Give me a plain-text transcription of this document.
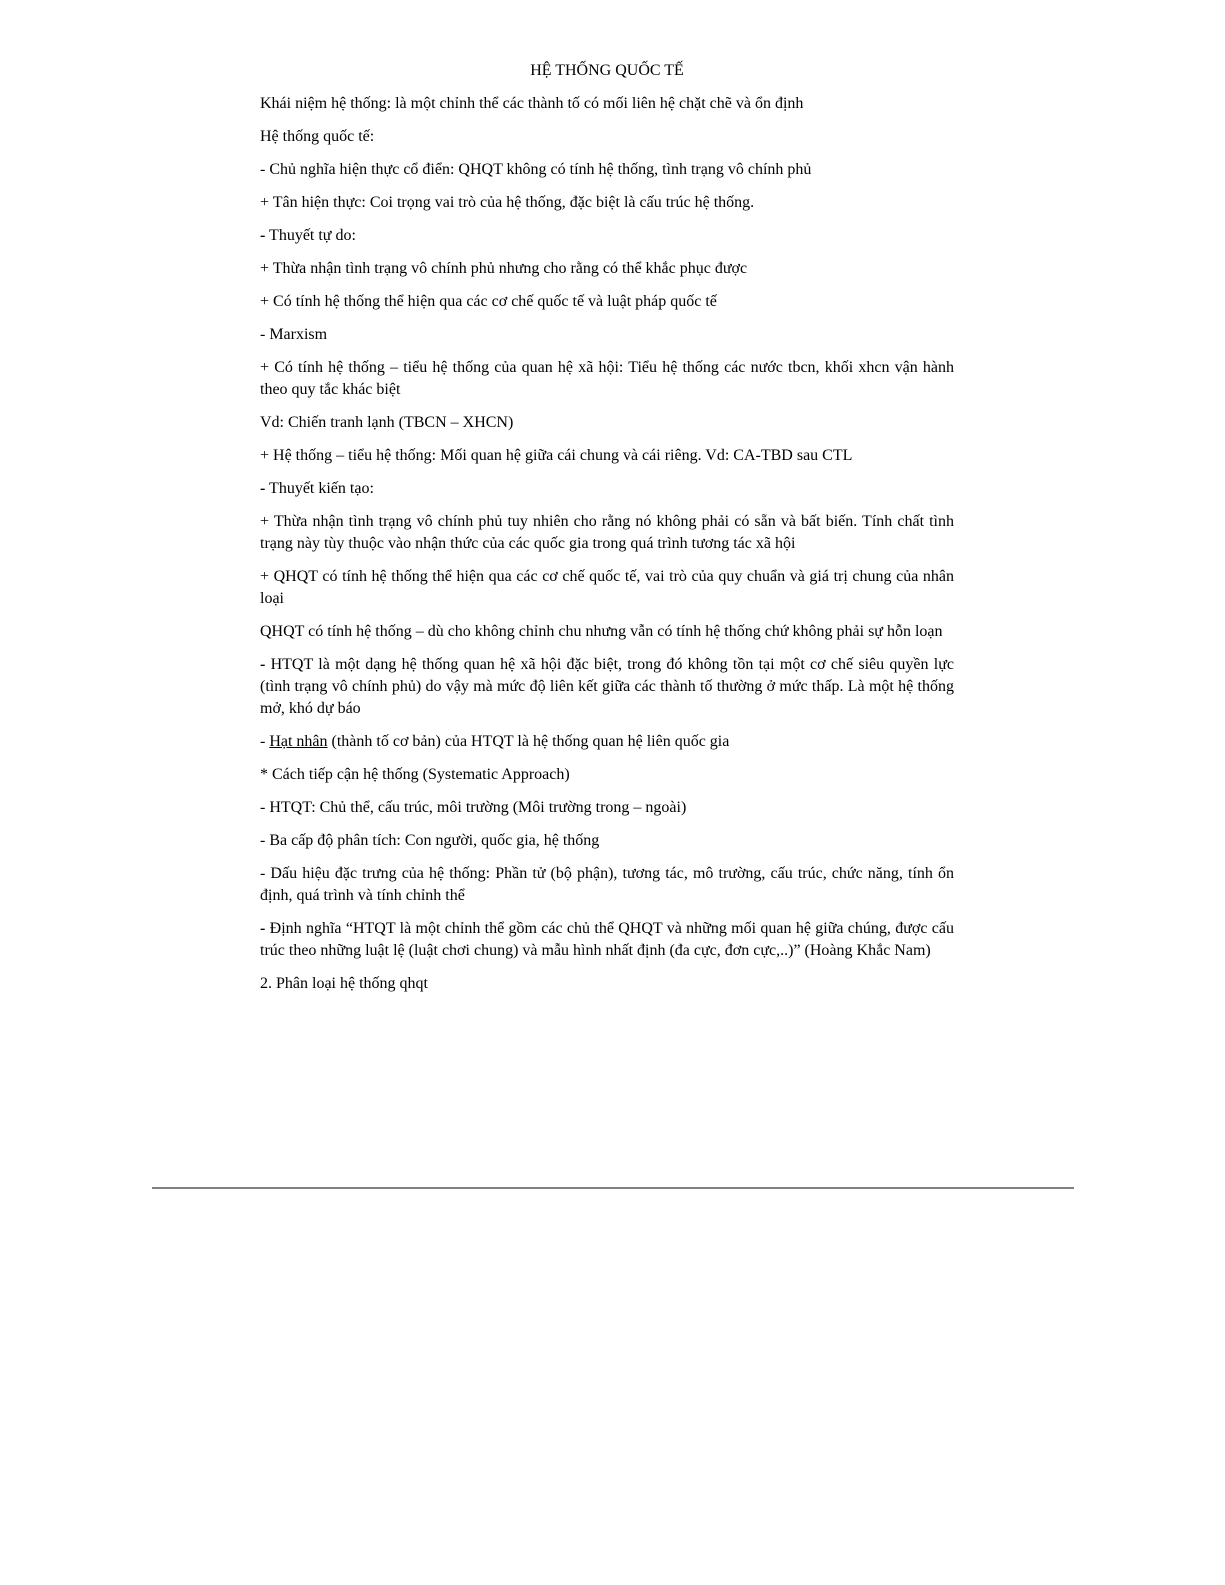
HỆ THỐNG QUỐC TẾ

Khái niệm hệ thống: là một chỉnh thể các thành tố có mối liên hệ chặt chẽ và ổn định

Hệ thống quốc tế:

- Chủ nghĩa hiện thực cổ điển: QHQT không có tính hệ thống, tình trạng vô chính phủ

+ Tân hiện thực: Coi trọng vai trò của hệ thống, đặc biệt là cấu trúc hệ thống.

- Thuyết tự do:

+ Thừa nhận tình trạng vô chính phủ nhưng cho rằng có thể khắc phục được

+ Có tính hệ thống thể hiện qua các cơ chế quốc tế và luật pháp quốc tế

- Marxism

+ Có tính hệ thống – tiểu hệ thống của quan hệ xã hội: Tiểu hệ thống các nước tbcn, khối xhcn vận hành theo quy tắc khác biệt

Vd: Chiến tranh lạnh (TBCN – XHCN)

+ Hệ thống – tiểu hệ thống: Mối quan hệ giữa cái chung và cái riêng. Vd: CA-TBD sau CTL

- Thuyết kiến tạo:

+ Thừa nhận tình trạng vô chính phủ tuy nhiên cho rằng nó không phải có sẵn và bất biến. Tính chất tình trạng này tùy thuộc vào nhận thức của các quốc gia trong quá trình tương tác xã hội

+ QHQT có tính hệ thống thể hiện qua các cơ chế quốc tế, vai trò của quy chuẩn và giá trị chung của nhân loại

QHQT có tính hệ thống – dù cho không chỉnh chu nhưng vẫn có tính hệ thống chứ không phải sự hỗn loạn

- HTQT là một dạng hệ thống quan hệ xã hội đặc biệt, trong đó không tồn tại một cơ chế siêu quyền lực (tình trạng vô chính phủ) do vậy mà mức độ liên kết giữa các thành tố thường ở mức thấp. Là một hệ thống mở, khó dự báo

- Hạt nhân (thành tố cơ bản) của HTQT là hệ thống quan hệ liên quốc gia

* Cách tiếp cận hệ thống (Systematic Approach)

- HTQT: Chủ thể, cấu trúc, môi trường (Môi trường trong – ngoài)

- Ba cấp độ phân tích: Con người, quốc gia, hệ thống

- Dấu hiệu đặc trưng của hệ thống: Phần tử (bộ phận), tương tác, mô trường, cấu trúc, chức năng, tính ổn định, quá trình và tính chỉnh thể

- Định nghĩa “HTQT là một chỉnh thể gồm các chủ thể QHQT và những mối quan hệ giữa chúng, được cấu trúc theo những luật lệ (luật chơi chung) và mẫu hình nhất định (đa cực, đơn cực,..)” (Hoàng Khắc Nam)

2. Phân loại hệ thống qhqt
